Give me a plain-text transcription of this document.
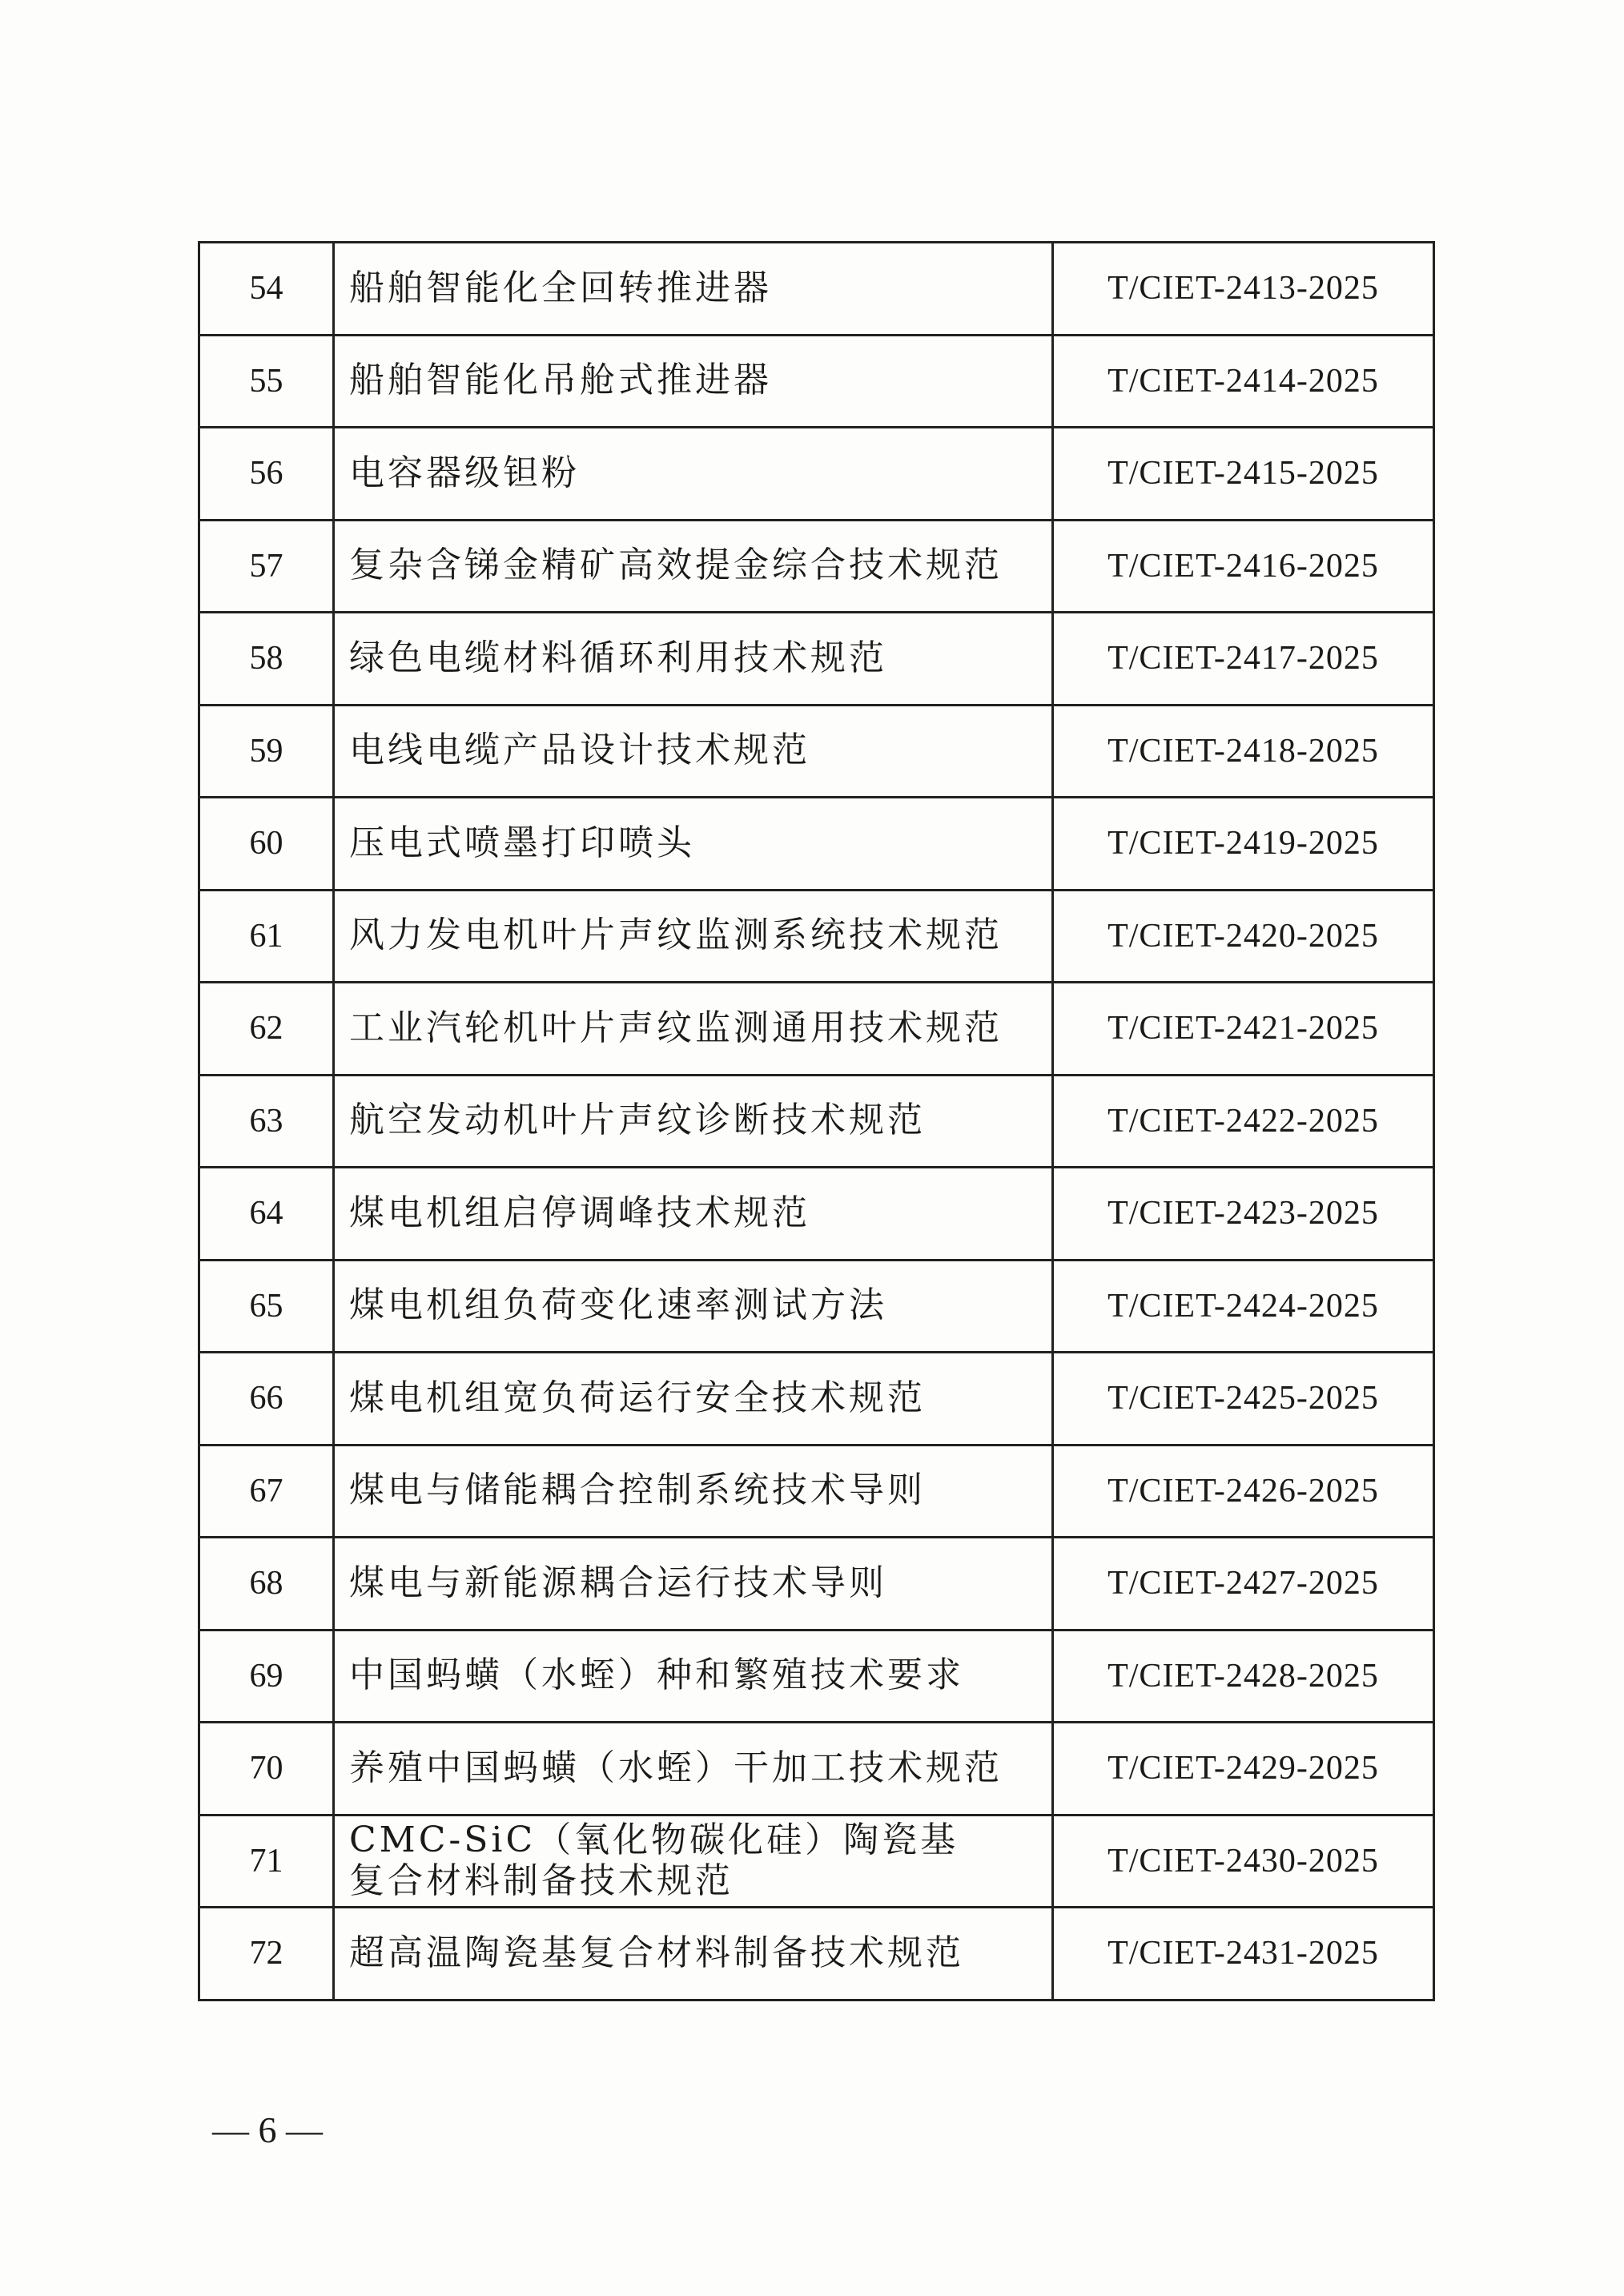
54	船舶智能化全回转推进器	T/CIET-2413-2025
55	船舶智能化吊舱式推进器	T/CIET-2414-2025
56	电容器级钽粉	T/CIET-2415-2025
57	复杂含锑金精矿高效提金综合技术规范	T/CIET-2416-2025
58	绿色电缆材料循环利用技术规范	T/CIET-2417-2025
59	电线电缆产品设计技术规范	T/CIET-2418-2025
60	压电式喷墨打印喷头	T/CIET-2419-2025
61	风力发电机叶片声纹监测系统技术规范	T/CIET-2420-2025
62	工业汽轮机叶片声纹监测通用技术规范	T/CIET-2421-2025
63	航空发动机叶片声纹诊断技术规范	T/CIET-2422-2025
64	煤电机组启停调峰技术规范	T/CIET-2423-2025
65	煤电机组负荷变化速率测试方法	T/CIET-2424-2025
66	煤电机组宽负荷运行安全技术规范	T/CIET-2425-2025
67	煤电与储能耦合控制系统技术导则	T/CIET-2426-2025
68	煤电与新能源耦合运行技术导则	T/CIET-2427-2025
69	中国蚂蟥（水蛭）种和繁殖技术要求	T/CIET-2428-2025
70	养殖中国蚂蟥（水蛭）干加工技术规范	T/CIET-2429-2025
71	CMC-SiC（氧化物碳化硅）陶瓷基复合材料制备技术规范	T/CIET-2430-2025
72	超高温陶瓷基复合材料制备技术规范	T/CIET-2431-2025
— 6 —
